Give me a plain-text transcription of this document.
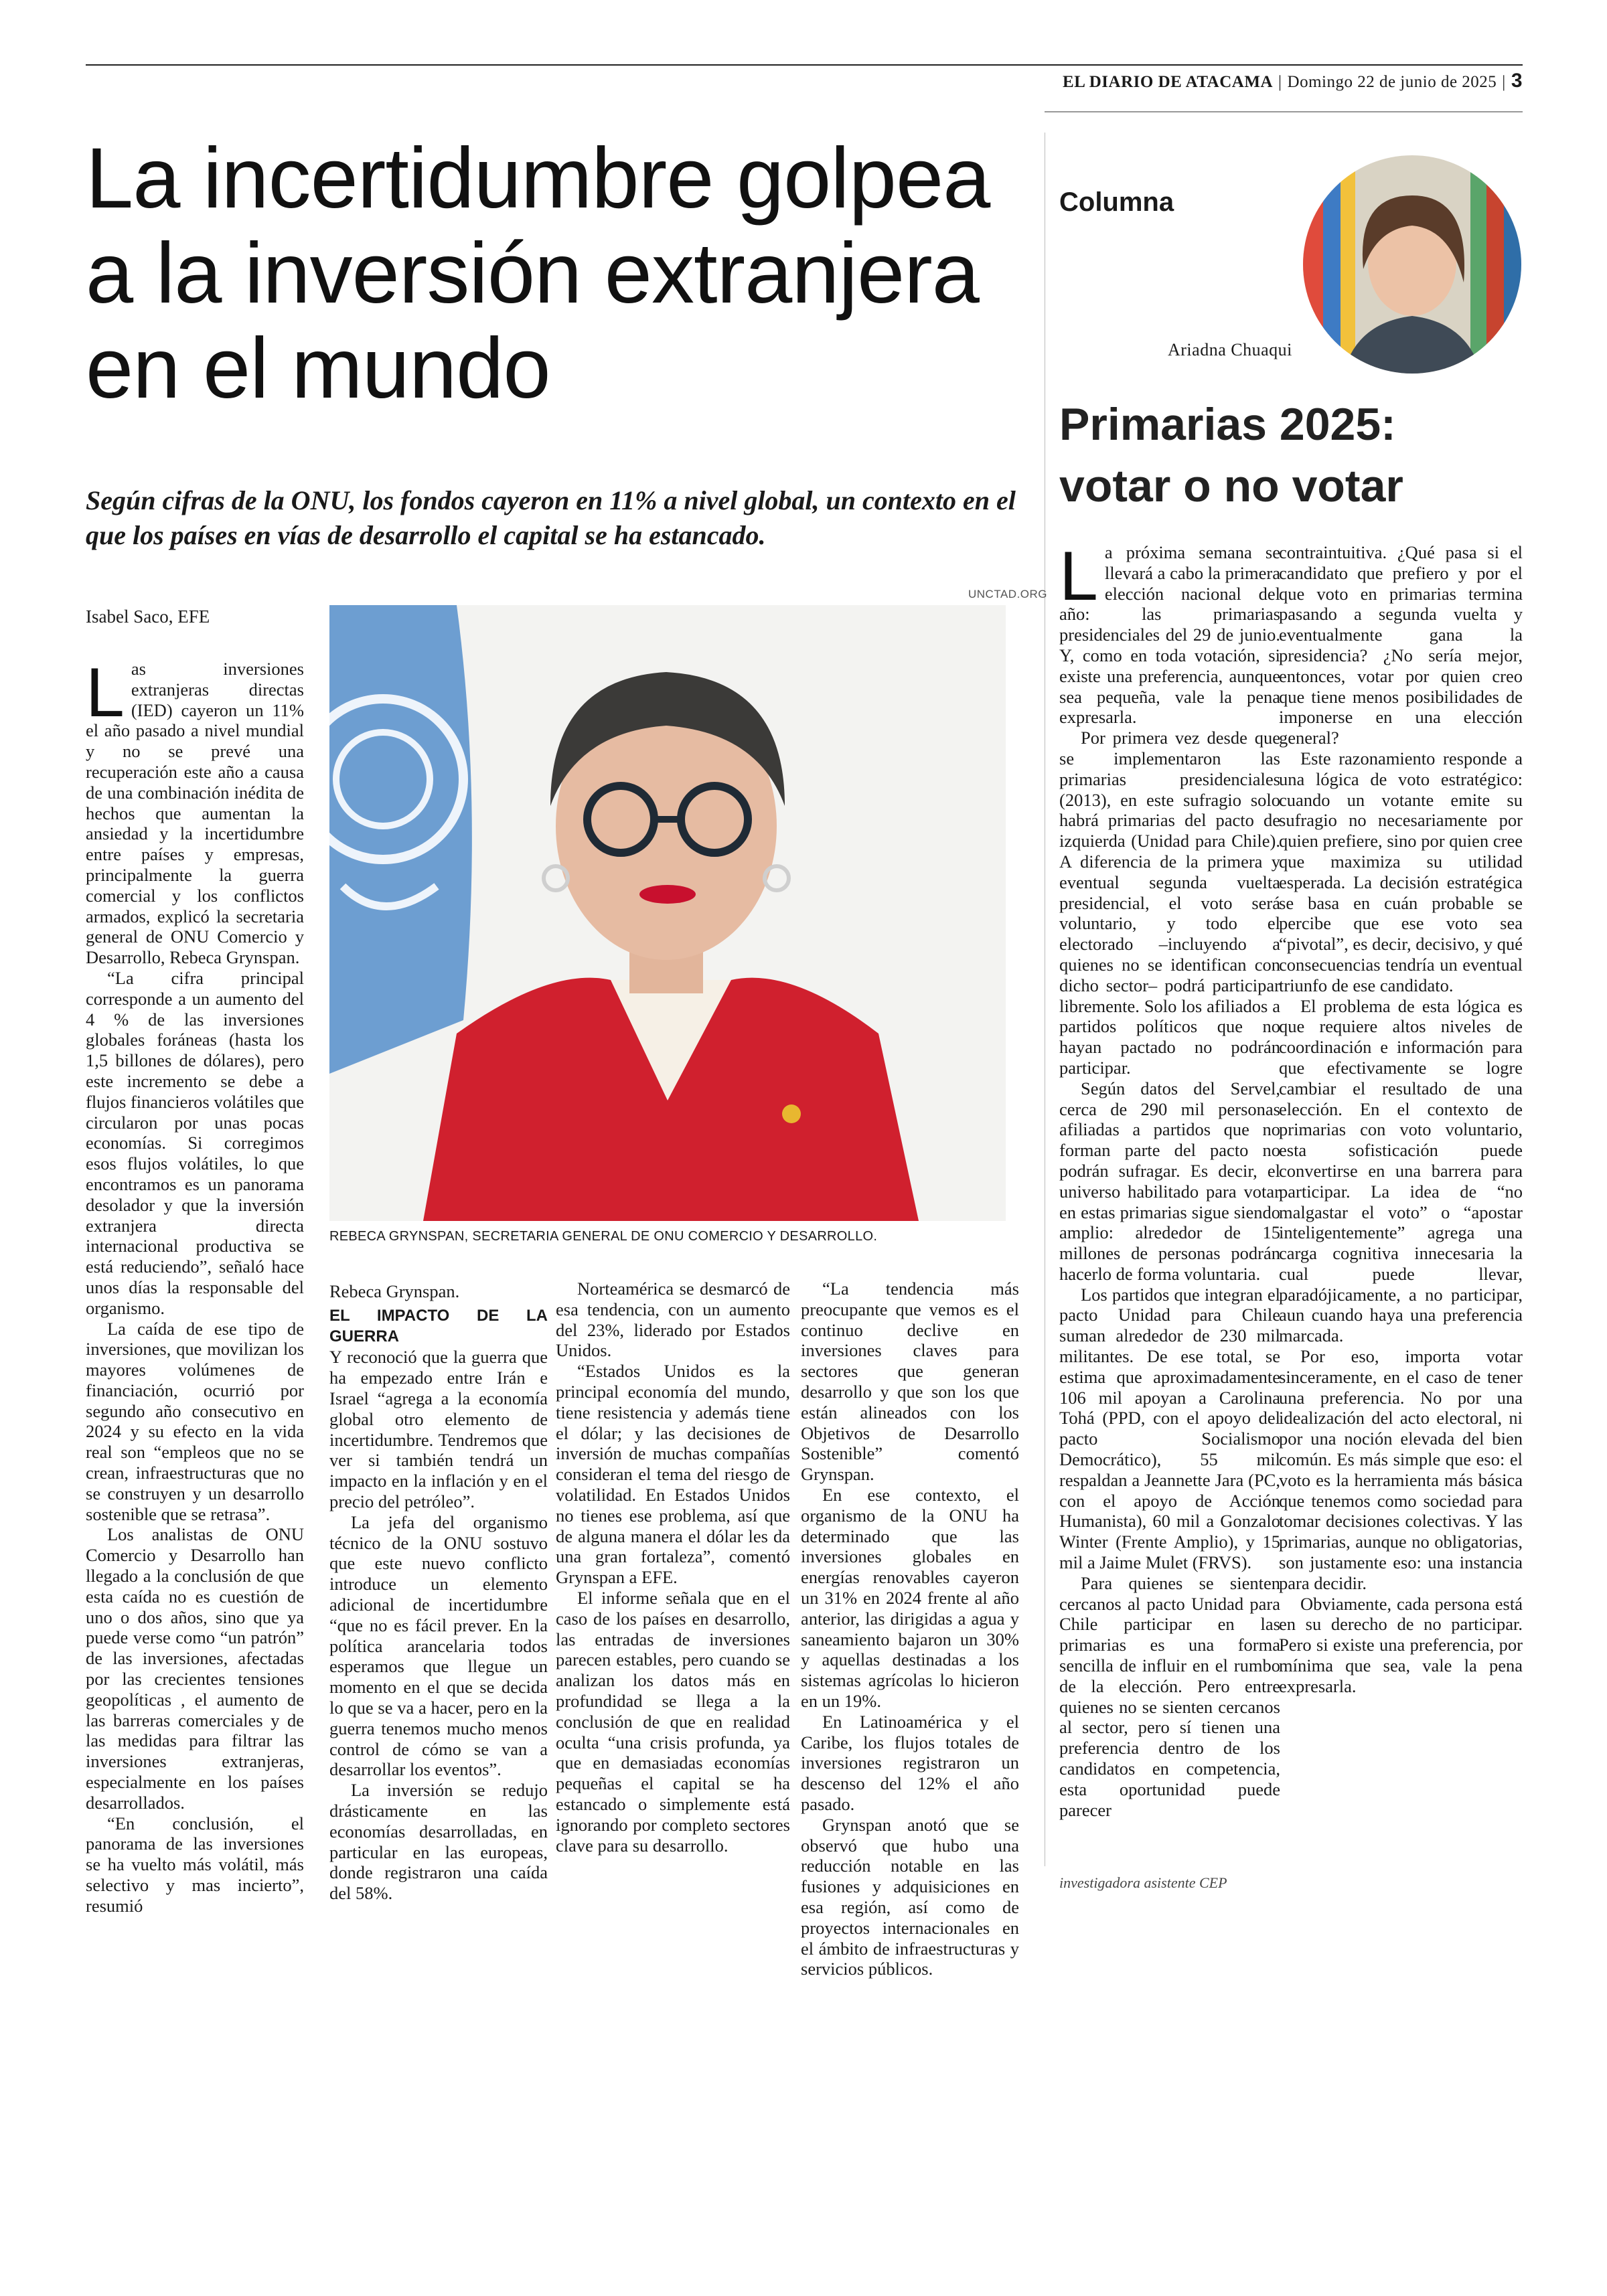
EL DIARIO DE ATACAMA | Domingo 22 de junio de 2025 | 3
La incertidumbre golpea a la inversión extranjera en el mundo

Según cifras de la ONU, los fondos cayeron en 11% a nivel global, un contexto en el que los países en vías de desarrollo el capital se ha estancado.

Isabel Saco, EFE
UNCTAD.ORG
REBECA GRYNSPAN, SECRETARIA GENERAL DE ONU COMERCIO Y DESARROLLO.
L as inversiones extranjeras directas (IED) cayeron un 11% el año pasado a nivel mundial y no se prevé una recuperación este año a causa de una combinación inédita de hechos que aumentan la ansiedad y la incertidumbre entre países y empresas, principalmente la guerra comercial y los conflictos armados, explicó la secretaria general de ONU Comercio y Desarrollo, Rebeca Grynspan.

“La cifra principal corresponde a un aumento del 4 % de las inversiones globales foráneas (hasta los 1,5 billones de dólares), pero este incremento se debe a flujos financieros volátiles que circularon por unas pocas economías. Si corregimos esos flujos volátiles, lo que encontramos es un panorama desolador y que la inversión extranjera directa internacional productiva se está reduciendo”, señaló hace unos días la responsable del organismo.

La caída de ese tipo de inversiones, que movilizan los mayores volúmenes de financiación, ocurrió por segundo año consecutivo en 2024 y su efecto en la vida real son “empleos que no se crean, infraestructuras que no se construyen y un desarrollo sostenible que se retrasa”.

Los analistas de ONU Comercio y Desarrollo han llegado a la conclusión de que esta caída no es cuestión de uno o dos años, sino que ya puede verse como “un patrón” de las inversiones, afectadas por las crecientes tensiones geopolíticas , el aumento de las barreras comerciales y de las medidas para filtrar las inversiones extranjeras, especialmente en los países desarrollados.

“En conclusión, el panorama de las inversiones se ha vuelto más volátil, más selectivo y mas incierto”, resumió

Rebeca Grynspan.

EL IMPACTO DE LA GUERRA

Y reconoció que la guerra que ha empezado entre Irán e Israel “agrega a la economía global otro elemento de incertidumbre. Tendremos que ver si también tendrá un impacto en la inflación y en el precio del petróleo”.

La jefa del organismo técnico de la ONU sostuvo que este nuevo conflicto introduce un elemento adicional de incertidumbre “que no es fácil prever. En la política arancelaria todos esperamos que llegue un momento en el que se decida lo que se va a hacer, pero en la guerra tenemos mucho menos control de cómo se van a desarrollar los eventos”.

La inversión se redujo drásticamente en las economías desarrolladas, en particular en las europeas, donde registraron una caída del 58%.

Norteamérica se desmarcó de esa tendencia, con un aumento del 23%, liderado por Estados Unidos.

“Estados Unidos es la principal economía del mundo, tiene resistencia y además tiene el dólar; y las decisiones de inversión de muchas compañías consideran el tema del riesgo de volatilidad. En Estados Unidos no tienes ese problema, así que de alguna manera el dólar les da una gran fortaleza”, comentó Grynspan a EFE.

El informe señala que en el caso de los países en desarrollo, las entradas de inversiones parecen estables, pero cuando se analizan los datos más en profundidad se llega a la conclusión de que en realidad oculta “una crisis profunda, ya que en demasiadas economías pequeñas el capital se ha estancado o simplemente está ignorando por completo sectores clave para su desarrollo.

“La tendencia más preocupante que vemos es el continuo declive en inversiones claves para sectores que generan desarrollo y que son los que están alineados con los Objetivos de Desarrollo Sostenible” comentó Grynspan.

En ese contexto, el organismo de la ONU ha determinado que las inversiones globales en energías renovables cayeron un 31% en 2024 frente al año anterior, las dirigidas a agua y saneamiento bajaron un 30% y aquellas destinadas a los sistemas agrícolas lo hicieron en un 19%.

En Latinoamérica y el Caribe, los flujos totales de inversiones registraron un descenso del 12% el año pasado.

Grynspan anotó que se observó que hubo una reducción notable en las fusiones y adquisiciones en esa región, así como de proyectos internacionales en el ámbito de infraestructuras y servicios públicos.

Columna
Ariadna Chuaqui
Primarias 2025: votar o no votar
L a próxima semana se llevará a cabo la primera elección nacional del año: las primarias presidenciales del 29 de junio. Y, como en toda votación, si existe una preferencia, aunque sea pequeña, vale la pena expresarla.

Por primera vez desde que se implementaron las primarias presidenciales (2013), en este sufragio solo habrá primarias del pacto de izquierda (Unidad para Chile). A diferencia de la primera y eventual segunda vuelta presidencial, el voto será voluntario, y todo el electorado –incluyendo a quienes no se identifican con dicho sector– podrá participar libremente. Solo los afiliados a partidos políticos que no hayan pactado no podrán participar.

Según datos del Servel, cerca de 290 mil personas afiliadas a partidos que no forman parte del pacto no podrán sufragar. Es decir, el universo habilitado para votar en estas primarias sigue siendo amplio: alrededor de 15 millones de personas podrán hacerlo de forma voluntaria.

Los partidos que integran el pacto Unidad para Chile suman alrededor de 230 mil militantes. De ese total, se estima que aproximadamente 106 mil apoyan a Carolina Tohá (PPD, con el apoyo del pacto Socialismo Democrático), 55 mil respaldan a Jeannette Jara (PC, con el apoyo de Acción Humanista), 60 mil a Gonzalo Winter (Frente Amplio), y 15 mil a Jaime Mulet (FRVS).

Para quienes se sienten cercanos al pacto Unidad para Chile participar en las primarias es una forma sencilla de influir en el rumbo de la elección. Pero entre quienes no se sienten cercanos al sector, pero sí tienen una preferencia dentro de los candidatos en competencia, esta oportunidad puede parecer

contraintuitiva. ¿Qué pasa si el candidato que prefiero y por el que voto en primarias termina pasando a segunda vuelta y eventualmente gana la presidencia? ¿No sería mejor, entonces, votar por quien creo que tiene menos posibilidades de imponerse en una elección general?

Este razonamiento responde a una lógica de voto estratégico: cuando un votante emite su sufragio no necesariamente por quien prefiere, sino por quien cree que maximiza su utilidad esperada. La decisión estratégica se basa en cuán probable se percibe que ese voto sea “pivotal”, es decir, decisivo, y qué consecuencias tendría un eventual triunfo de ese candidato.

El problema de esta lógica es que requiere altos niveles de coordinación e información para que efectivamente se logre cambiar el resultado de una elección. En el contexto de primarias con voto voluntario, esta sofisticación puede convertirse en una barrera para participar. La idea de “no malgastar el voto” o “apostar inteligentemente” agrega una carga cognitiva innecesaria la cual puede llevar, paradójicamente, a no participar, aun cuando haya una preferencia marcada.

Por eso, importa votar sinceramente, en el caso de tener una preferencia. No por una idealización del acto electoral, ni por una noción elevada del bien común. Es más simple que eso: el voto es la herramienta más básica que tenemos como sociedad para tomar decisiones colectivas. Y las primarias, aunque no obligatorias, son justamente eso: una instancia para decidir.

Obviamente, cada persona está en su derecho de no participar. Pero si existe una preferencia, por mínima que sea, vale la pena expresarla.

investigadora asistente CEP
